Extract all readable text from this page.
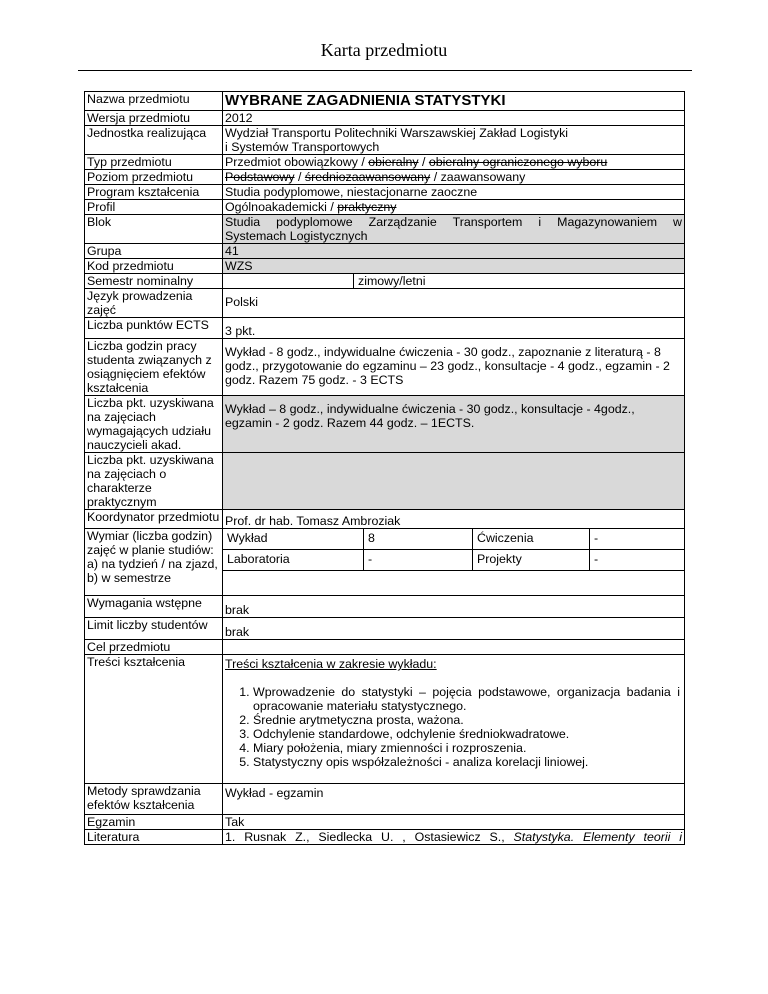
Karta przedmiotu
Nazwa przedmiotu	WYBRANE ZAGADNIENIA STATYSTYKI
Wersja przedmiotu	2012
Jednostka realizująca	Wydział Transportu Politechniki Warszawskiej Zakład Logistyki
i Systemów Transportowych

Typ przedmiotu	Przedmiot obowiązkowy / obieralny / obieralny ograniczonego wyboru
Poziom przedmiotu	Podstawowy / średniozaawansowany / zaawansowany
Program kształcenia	Studia podyplomowe, niestacjonarne zaoczne
Profil	Ogólnoakademicki / praktyczny
Blok	Studia podyplomowe Zarządzanie Transportem i Magazynowaniem w
Systemach Logistycznych

Grupa	41
Kod przedmiotu	WZS
Semestr nominalny	zimowy/letni

Język prowadzenia zajęć	Polski
Liczba punktów ECTS	3 pkt.
Liczba godzin pracy studenta związanych z osiągnięciem efektów kształcenia	Wykład - 8 godz., indywidualne ćwiczenia - 30 godz., zapoznanie z literaturą - 8 godz., przygotowanie do egzaminu – 23 godz., konsultacje - 4 godz., egzamin - 2 godz. Razem 75 godz. - 3 ECTS
Liczba pkt. uzyskiwana na zajęciach wymagających udziału nauczycieli akad.	Wykład – 8 godz., indywidualne ćwiczenia - 30 godz., konsultacje - 4godz., egzamin - 2 godz. Razem 44 godz. – 1ECTS.
Liczba pkt. uzyskiwana na zajęciach o charakterze praktycznym	
Koordynator przedmiotu	Prof. dr hab. Tomasz Ambroziak
Wymiar (liczba godzin) zajęć w planie studiów: a) na tydzień / na zjazd, b) w semestrze	
Wykład	8	Ćwiczenia	-
Laboratoria	-	Projekty	-

Wymagania wstępne	brak
Limit liczby studentów	brak
Cel przedmiotu	
Treści kształcenia	Treści kształcenia w zakresie wykładu:
1. Wprowadzenie do statystyki – pojęcia podstawowe, organizacja badania i opracowanie materiału statystycznego.
2. Średnie arytmetyczna prosta, ważona.
3. Odchylenie standardowe, odchylenie średniokwadratowe.
4. Miary położenia, miary zmienności i rozproszenia.
5. Statystyczny opis współzależności - analiza korelacji liniowej.

Metody sprawdzania efektów kształcenia	Wykład - egzamin
Egzamin	Tak
Literatura	1. Rusnak Z., Siedlecka U. , Ostasiewicz S., Statystyka. Elementy teorii i
